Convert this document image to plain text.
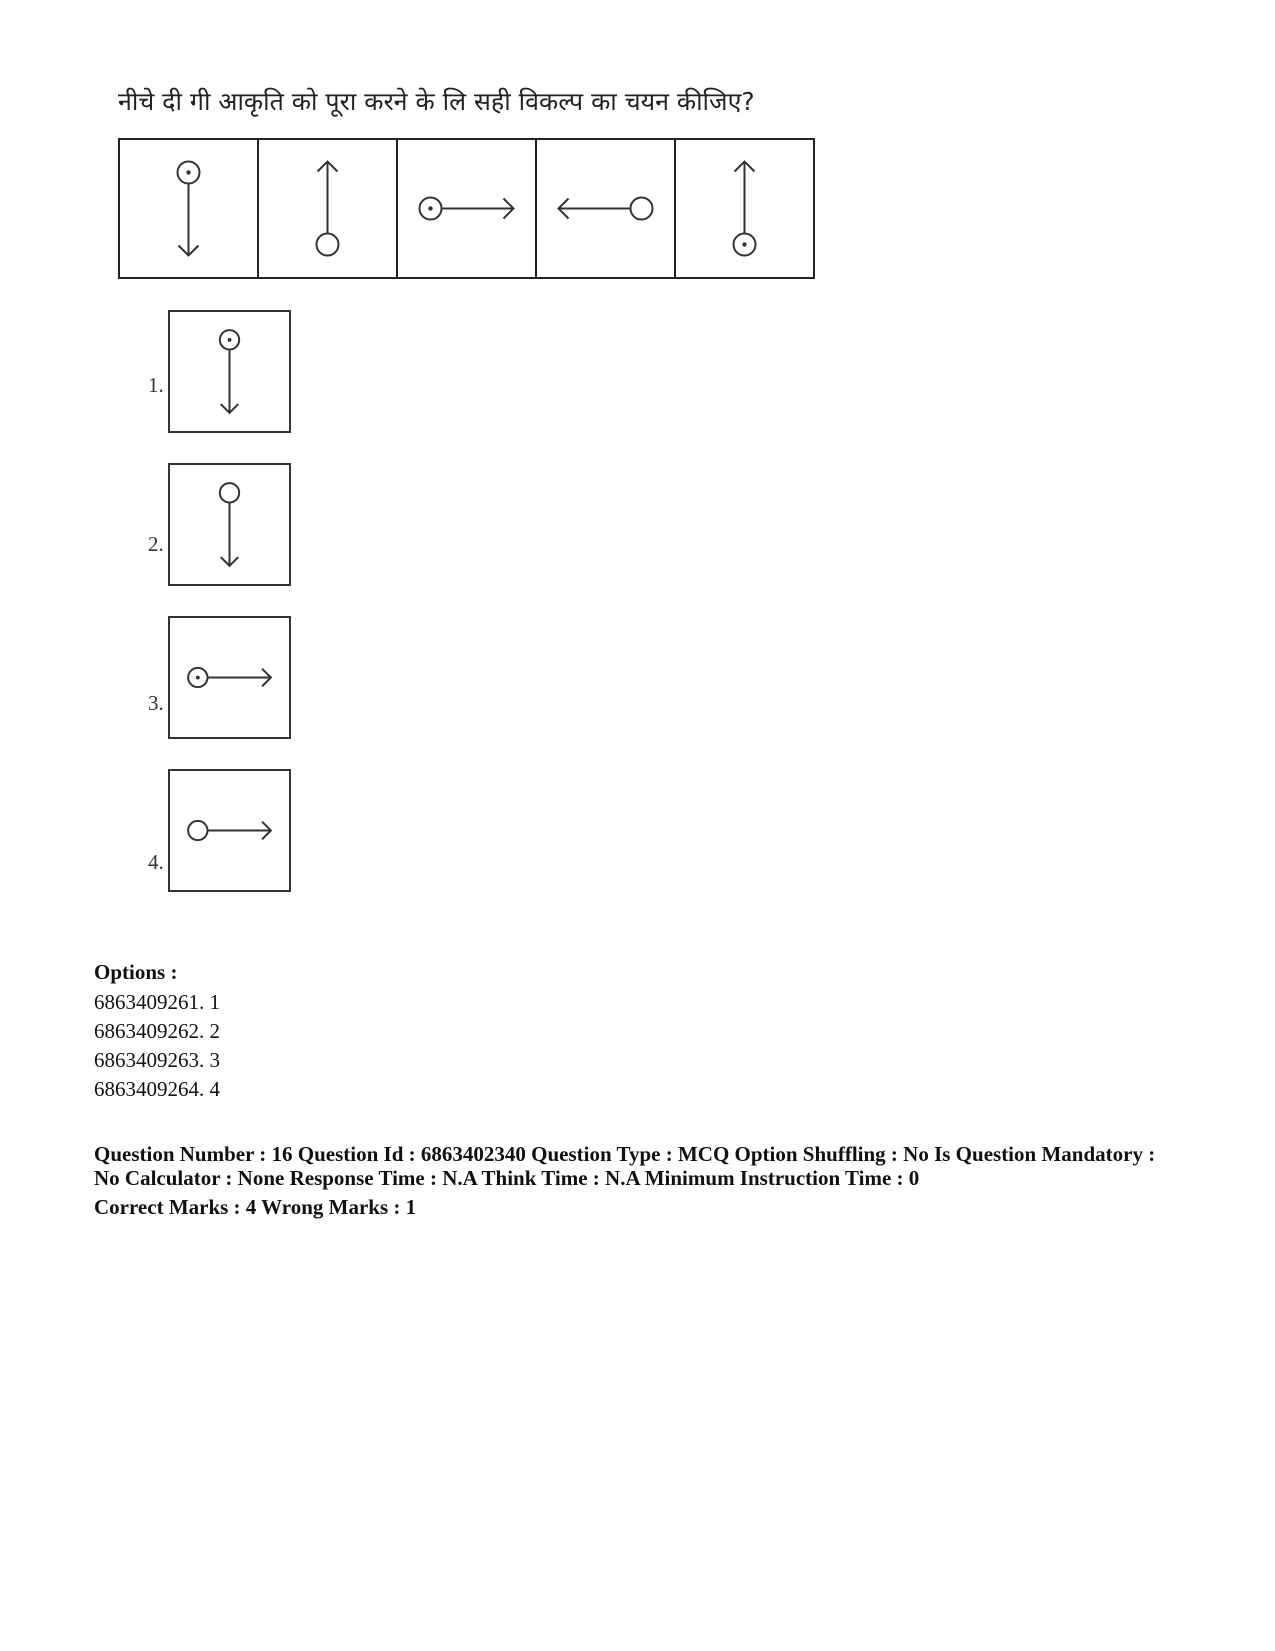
नीचे दी गी आकृति को पूरा करने के लि सही विकल्प का चयन कीजिए?
1.
2.
3.
4.
Options :
6863409261. 1
6863409262. 2
6863409263. 3
6863409264. 4
Question Number : 16 Question Id : 6863402340 Question Type : MCQ Option Shuffling : No Is Question Mandatory :
No Calculator : None Response Time : N.A Think Time : N.A Minimum Instruction Time : 0
Correct Marks : 4 Wrong Marks : 1
